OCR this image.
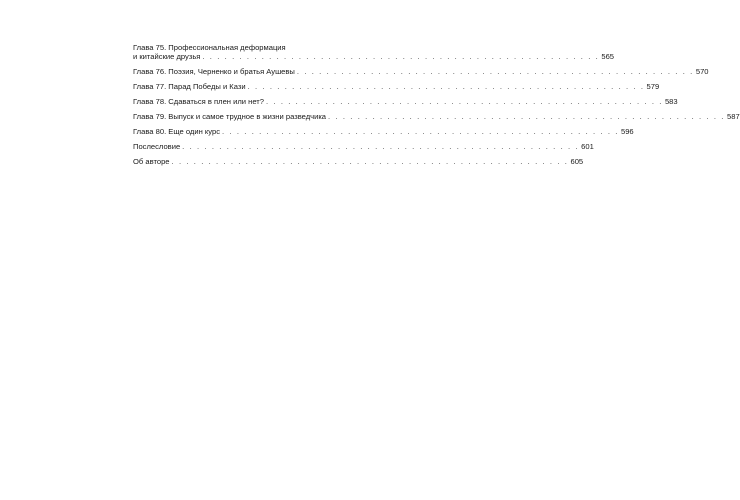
Глава 75. Профессиональная деформация
и китайские друзья . . . . . . . . . . . . . . . . . . . . . . . . . . . . . . . . . . . . . . . . . . . . . . . . . . . . . . 565
Глава 76. Поэзия, Черненко и братья Аушевы . . . . . . . . . . . . . . . . . . . . . . . . . . . . . . . . . . . . . . . . . . . . . . . . . . . . . . 570
Глава 77. Парад Победы и Кази . . . . . . . . . . . . . . . . . . . . . . . . . . . . . . . . . . . . . . . . . . . . . . . . . . . . . . 579
Глава 78. Сдаваться в плен или нет? . . . . . . . . . . . . . . . . . . . . . . . . . . . . . . . . . . . . . . . . . . . . . . . . . . . . . . 583
Глава 79. Выпуск и самое трудное в жизни разведчика . . . . . . . . . . . . . . . . . . . . . . . . . . . . . . . . . . . . . . . . . . . . . . . . . . . . . . 587
Глава 80. Еще один курс . . . . . . . . . . . . . . . . . . . . . . . . . . . . . . . . . . . . . . . . . . . . . . . . . . . . . . 596
Послесловие . . . . . . . . . . . . . . . . . . . . . . . . . . . . . . . . . . . . . . . . . . . . . . . . . . . . . . 601
Об авторе . . . . . . . . . . . . . . . . . . . . . . . . . . . . . . . . . . . . . . . . . . . . . . . . . . . . . . 605
